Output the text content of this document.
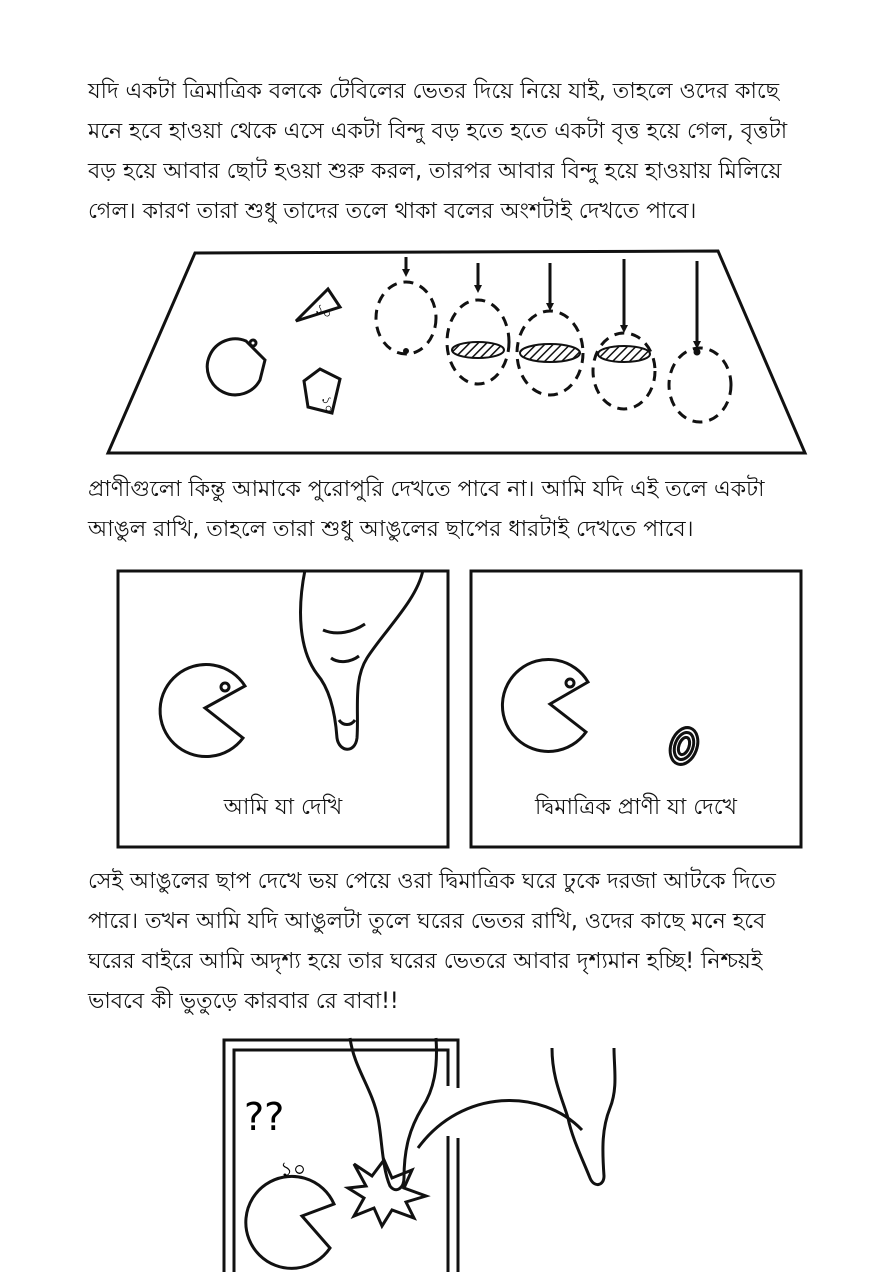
যদি একটা ত্রিমাত্রিক বলকে টেবিলের ভেতর দিয়ে নিয়ে যাই, তাহলে ওদের কাছে
মনে হবে হাওয়া থেকে এসে একটা বিন্দু বড় হতে হতে একটা বৃত্ত হয়ে গেল, বৃত্তটা
বড় হয়ে আবার ছোট হওয়া শুরু করল, তারপর আবার বিন্দু হয়ে হাওয়ায় মিলিয়ে
গেল। কারণ তারা শুধু তাদের তলে থাকা বলের অংশটাই দেখতে পাবে।
১০
১০
প্রাণীগুলো কিন্তু আমাকে পুরোপুরি দেখতে পাবে না। আমি যদি এই তলে একটা
আঙুল রাখি, তাহলে তারা শুধু আঙুলের ছাপের ধারটাই দেখতে পাবে।
আমি যা দেখি	দ্বিমাত্রিক প্রাণী যা দেখে
সেই আঙুলের ছাপ দেখে ভয় পেয়ে ওরা দ্বিমাত্রিক ঘরে ঢুকে দরজা আটকে দিতে
পারে। তখন আমি যদি আঙুলটা তুলে ঘরের ভেতর রাখি, ওদের কাছে মনে হবে
ঘরের বাইরে আমি অদৃশ্য হয়ে তার ঘরের ভেতরে আবার দৃশ্যমান হচ্ছি! নিশ্চয়ই
ভাববে কী ভুতুড়ে কারবার রে বাবা!!
??
১০
